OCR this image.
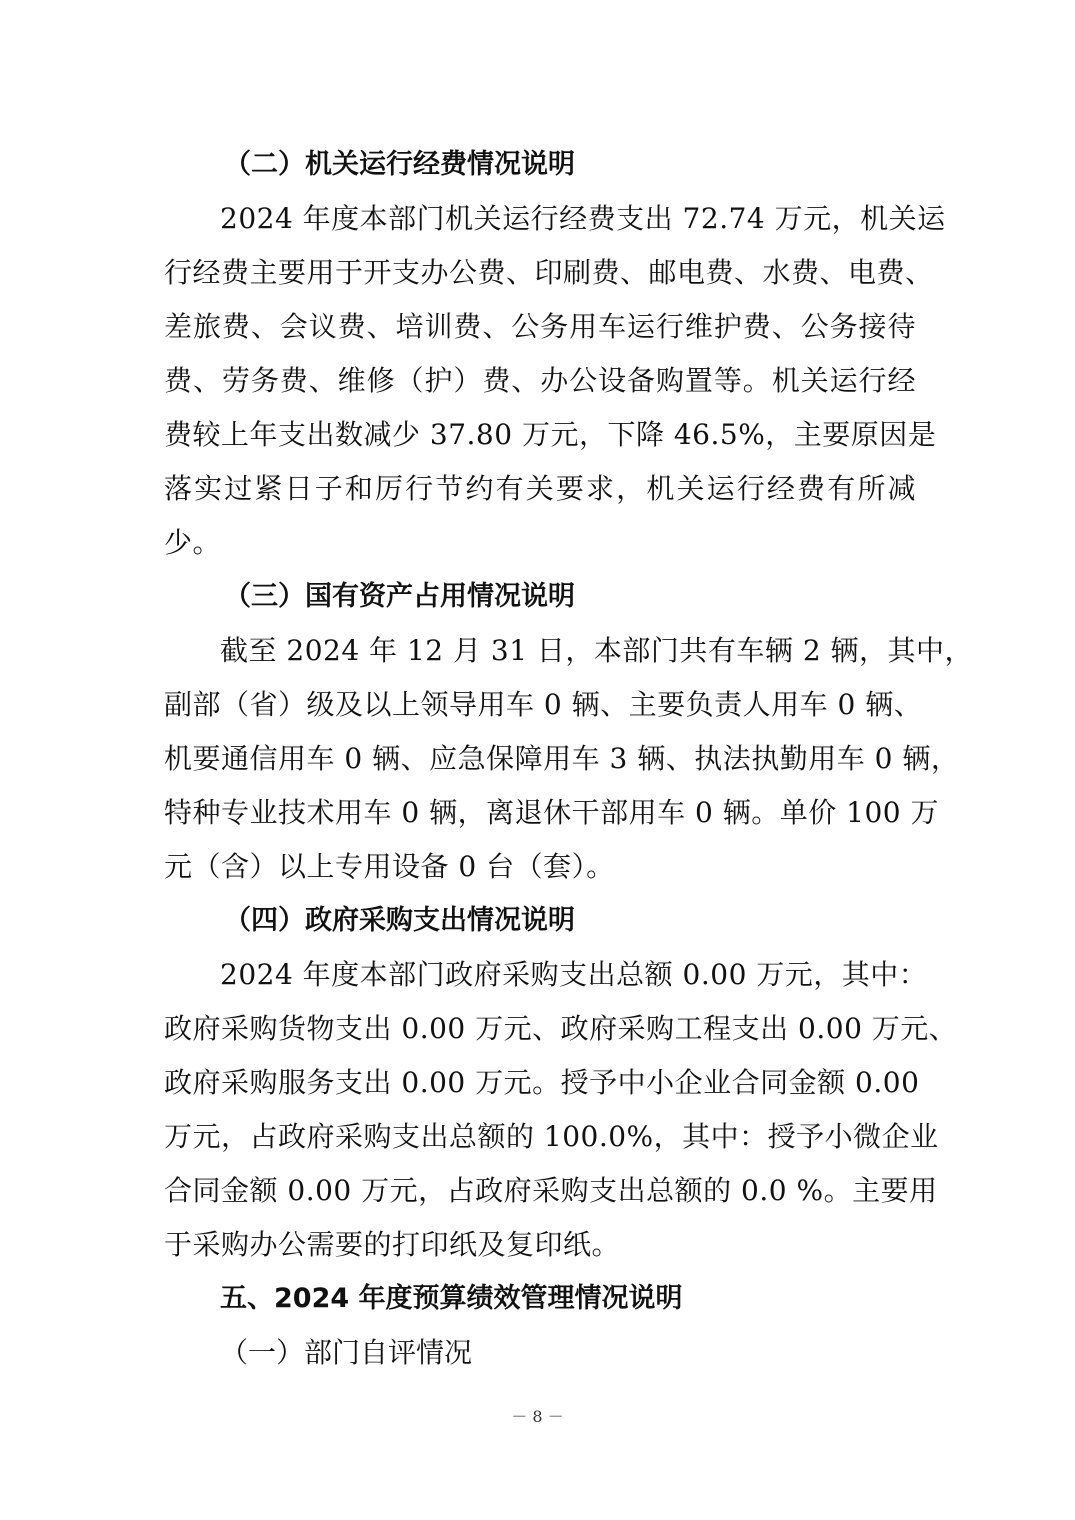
（二）机关运行经费情况说明
2024 年度本部门机关运行经费支出 72.74 万元，机关运
行经费主要用于开支办公费、印刷费、邮电费、水费、电费、
差旅费、会议费、培训费、公务用车运行维护费、公务接待
费、劳务费、维修（护）费、办公设备购置等。机关运行经
费较上年支出数减少 37.80 万元，下降 46.5%，主要原因是
落实过紧日子和厉行节约有关要求，机关运行经费有所减
少。
（三）国有资产占用情况说明
截至 2024 年 12 月 31 日，本部门共有车辆 2 辆，其中，
副部（省）级及以上领导用车 0 辆、主要负责人用车 0 辆、
机要通信用车 0 辆、应急保障用车 3 辆、执法执勤用车 0 辆，
特种专业技术用车 0 辆，离退休干部用车 0 辆。单价 100 万
元（含）以上专用设备 0 台（套）。
（四）政府采购支出情况说明
2024 年度本部门政府采购支出总额 0.00 万元，其中：
政府采购货物支出 0.00 万元、政府采购工程支出 0.00 万元、
政府采购服务支出 0.00 万元。授予中小企业合同金额 0.00
万元，占政府采购支出总额的 100.0%，其中：授予小微企业
合同金额 0.00 万元，占政府采购支出总额的 0.0 %。主要用
于采购办公需要的打印纸及复印纸。
五、2024 年度预算绩效管理情况说明
（一）部门自评情况
－ 8 －
